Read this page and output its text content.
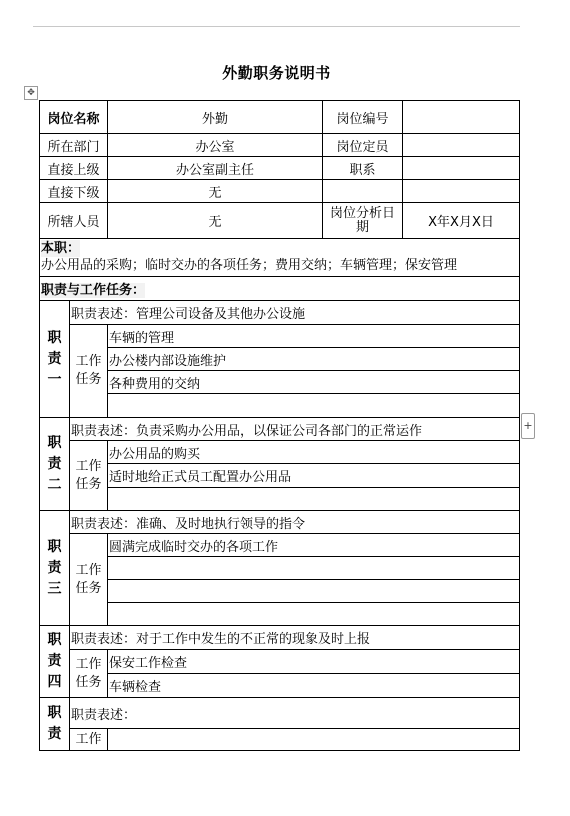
✥
+
外勤职务说明书
岗位名称		外勤	岗位编号	
所在部门		办公室	岗位定员	
直接上级		办公室副主任	职系	
直接下级		无		
所辖人员		无	岗位分析日期	X年X月X日
本职：
办公用品的采购；临时交办的各项任务；费用交纳；车辆管理；保安管理				
职责与工作任务：				
职责一	职责表述：管理公司设备及其他办公设施			
	工作任务	车辆的管理		
		办公楼内部设施维护		
		各种费用的交纳		

职责二	职责表述：负责采购办公用品，以保证公司各部门的正常运作			
	工作任务	办公用品的购买		
		适时地给正式员工配置办公用品		

职责三	职责表述：准确、及时地执行领导的指令			
	工作任务	圆满完成临时交办的各项工作		

职责四	职责表述：对于工作中发生的不正常的现象及时上报			
	工作任务	保安工作检查		
		车辆检查		
职责	职责表述：			
	工作			
